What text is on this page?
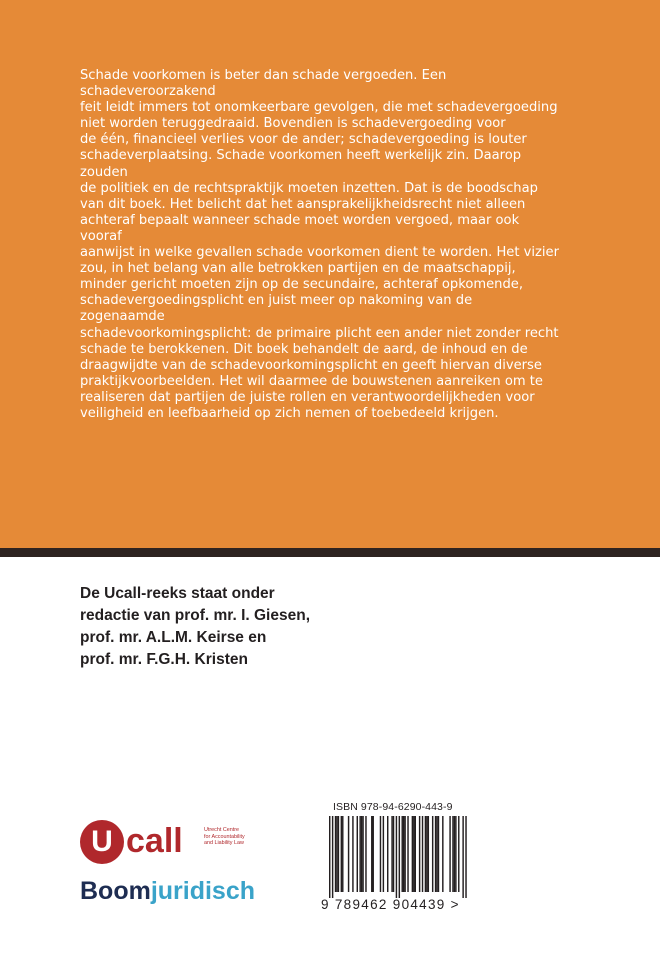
Schade voorkomen is beter dan schade vergoeden. Een schadeveroorzakend
feit leidt immers tot onomkeerbare gevolgen, die met schadevergoeding
niet worden teruggedraaid. Bovendien is schadevergoeding voor
de één, financieel verlies voor de ander; schadevergoeding is louter
schadeverplaatsing. Schade voorkomen heeft werkelijk zin. Daarop zouden
de politiek en de rechtspraktijk moeten inzetten. Dat is de boodschap
van dit boek. Het belicht dat het aansprakelijkheidsrecht niet alleen
achteraf bepaalt wanneer schade moet worden vergoed, maar ook vooraf
aanwijst in welke gevallen schade voorkomen dient te worden. Het vizier
zou, in het belang van alle betrokken partijen en de maatschappij,
minder gericht moeten zijn op de secundaire, achteraf opkomende,
schadevergoedingsplicht en juist meer op nakoming van de zogenaamde
schadevoorkomingsplicht: de primaire plicht een ander niet zonder recht
schade te berokkenen. Dit boek behandelt de aard, de inhoud en de
draagwijdte van de schadevoorkomingsplicht en geeft hiervan diverse
praktijkvoorbeelden. Het wil daarmee de bouwstenen aanreiken om te
realiseren dat partijen de juiste rollen en verantwoordelijkheden voor
veiligheid en leefbaarheid op zich nemen of toebedeeld krijgen.

De Ucall-reeks staat onder
redactie van prof. mr. I. Giesen,
prof. mr. A.L.M. Keirse en
prof. mr. F.G.H. Kristen

U call	Utrecht Centre
for Accountability
and Liability Law
Boomjuridisch
ISBN 978-94-6290-443-9
9 789462 904439 >
